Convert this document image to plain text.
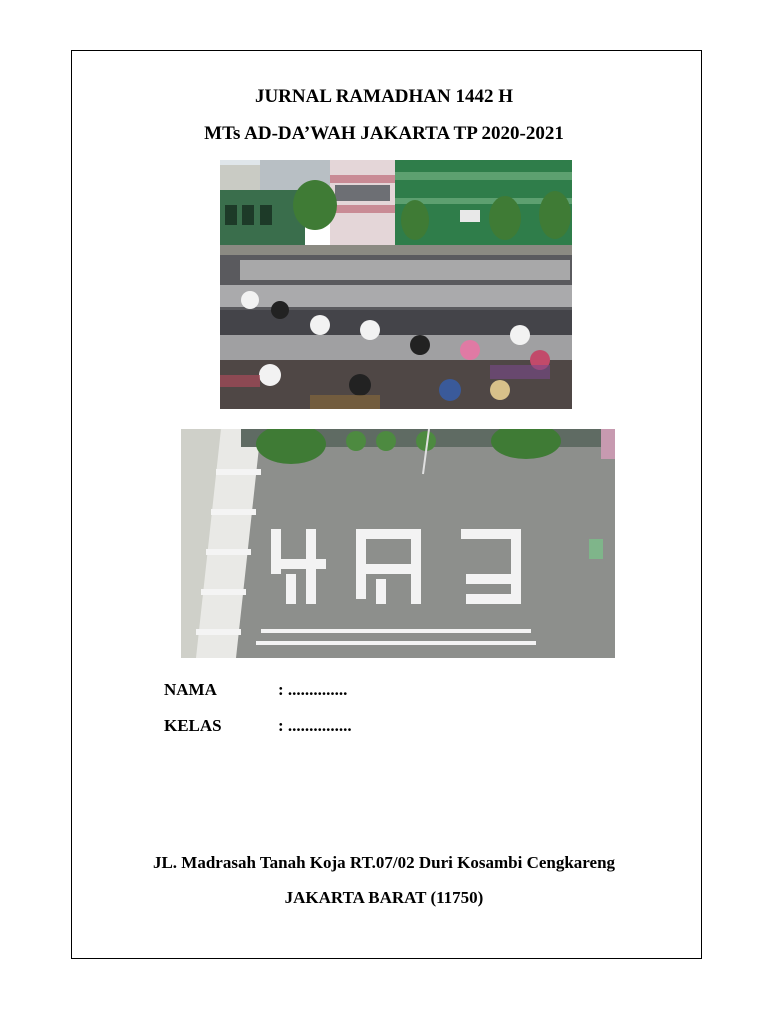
JURNAL RAMADHAN 1442 H
MTs AD-DA’WAH JAKARTA TP 2020-2021
NAMA	: ..............
KELAS	: ...............
JL. Madrasah Tanah Koja RT.07/02 Duri Kosambi Cengkareng
JAKARTA BARAT (11750)
